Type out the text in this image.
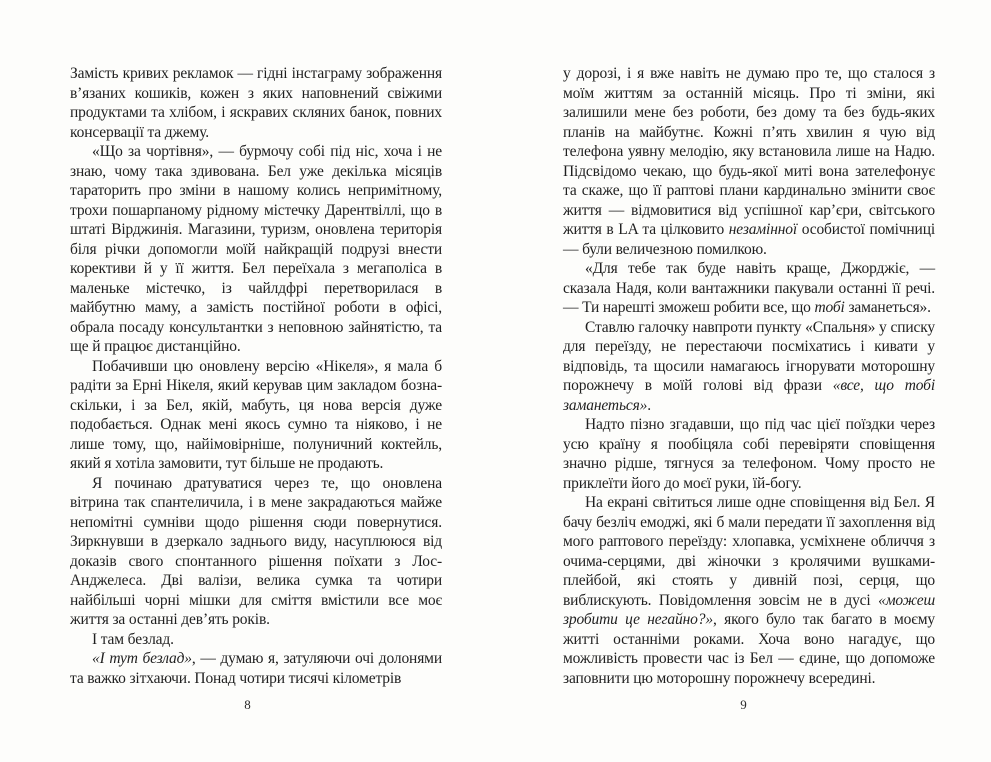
Замість кривих рекламок — гідні інстаграму зображення в’язаних кошиків, кожен з яких наповнений свіжими продуктами та хлібом, і яскравих скляних банок, повних консервації та джему.

«Що за чортівня», — бурмочу собі під ніс, хоча і не знаю, чому така здивована. Бел уже декілька місяців тараторить про зміни в нашому колись непримітному, трохи пошарпаному рідному містечку Дарентвіллі, що в штаті Вірджинія. Магазини, туризм, оновлена територія біля річки допомогли моїй найкращій подрузі внести корективи й у її життя. Бел переїхала з мегаполіса в маленьке містечко, із чайлдфрі перетворилася в майбутню маму, а замість постійної роботи в офісі, обрала посаду консультантки з неповною зайнятістю, та ще й працює дистанційно.

Побачивши цю оновлену версію «Нікеля», я мала б радіти за Ерні Нікеля, який керував цим закладом бозна-скільки, і за Бел, якій, мабуть, ця нова версія дуже подобається. Однак мені якось сумно та ніяково, і не лише тому, що, найімовірніше, полуничний коктейль, який я хотіла замовити, тут більше не продають.

Я починаю дратуватися через те, що оновлена вітрина так спантеличила, і в мене закрадаються майже непомітні сумніви щодо рішення сюди повернутися. Зиркнувши в дзеркало заднього виду, насуплююся від доказів свого спонтанного рішення поїхати з Лос-Анджелеса. Дві валізи, велика сумка та чотири найбільші чорні мішки для сміття вмістили все моє життя за останні дев’ять років.

І там безлад.

«І тут безлад», — думаю я, затуляючи очі долонями та важко зітхаючи. Понад чотири тисячі кілометрів

8

у дорозі, і я вже навіть не думаю про те, що сталося з моїм життям за останній місяць. Про ті зміни, які залишили мене без роботи, без дому та без будь-яких планів на майбутнє. Кожні п’ять хвилин я чую від телефона уявну мелодію, яку встановила лише на Надю. Підсвідомо чекаю, що будь-якої миті вона зателефонує та скаже, що її раптові плани кардинально змінити своє життя — відмовитися від успішної кар’єри, світського життя в LA та цілковито незамінної особистої помічниці — були величезною помилкою.

«Для тебе так буде навіть краще, Джорджіє, — сказала Надя, коли вантажники пакували останні її речі. — Ти нарешті зможеш робити все, що тобі заманеться».

Ставлю галочку навпроти пункту «Спальня» у списку для переїзду, не перестаючи посміхатись і кивати у відповідь, та щосили намагаюсь ігнорувати моторошну порожнечу в моїй голові від фрази «все, що тобі заманеться».

Надто пізно згадавши, що під час цієї поїздки через усю країну я пообіцяла собі перевіряти сповіщення значно рідше, тягнуся за телефоном. Чому просто не приклеїти його до моєї руки, їй-богу.

На екрані світиться лише одне сповіщення від Бел. Я бачу безліч емоджі, які б мали передати її захоплення від мого раптового переїзду: хлопавка, усміхнене обличчя з очима-серцями, дві жіночки з кролячими вушками-плейбой, які стоять у дивній позі, серця, що виблискують. Повідомлення зовсім не в дусі «можеш зробити це негайно?», якого було так багато в моєму житті останніми роками. Хоча воно нагадує, що можливість провести час із Бел — єдине, що допоможе заповнити цю моторошну порожнечу всередині.

9
